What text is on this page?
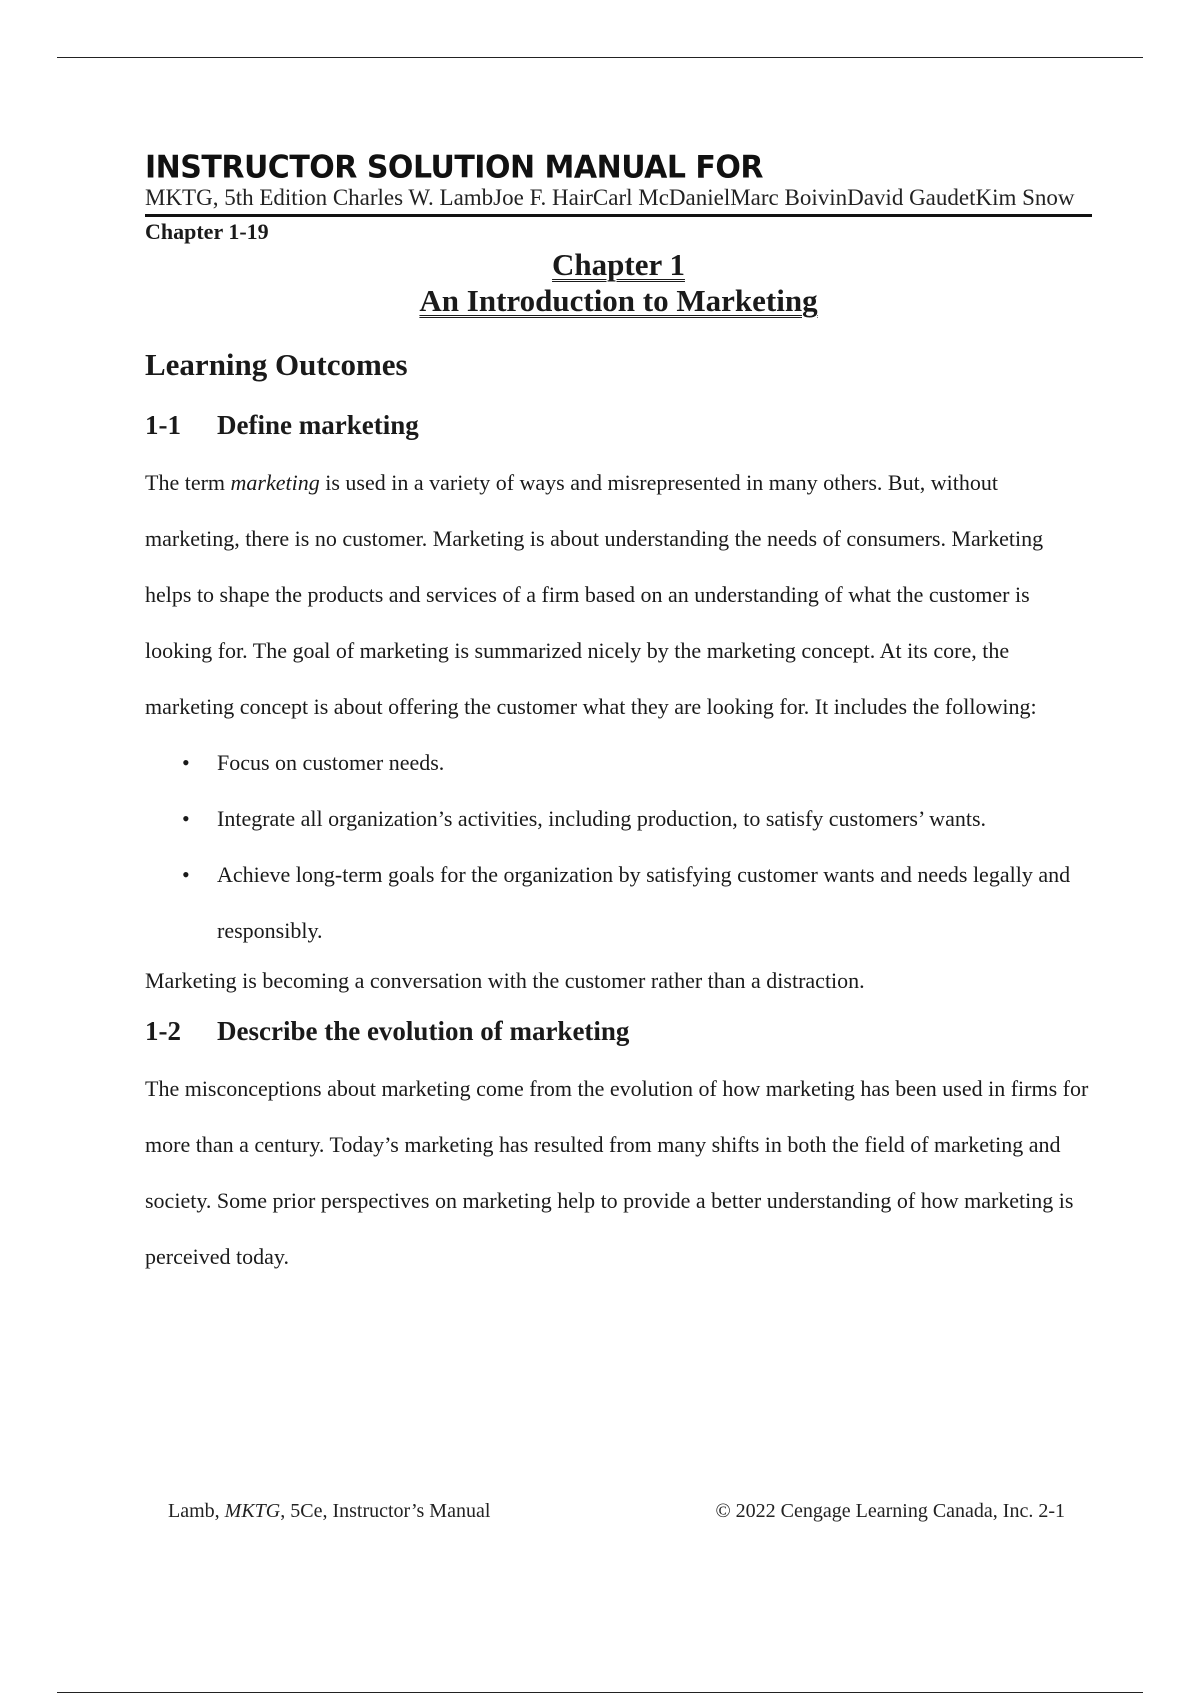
INSTRUCTOR SOLUTION MANUAL FOR

MKTG, 5th Edition Charles W. LambJoe F. HairCarl McDanielMarc BoivinDavid GaudetKim Snow

Chapter 1-19

Chapter 1
An Introduction to Marketing
Learning Outcomes
1-1	Define marketing

The term marketing is used in a variety of ways and misrepresented in many others. But, without marketing, there is no customer. Marketing is about understanding the needs of consumers. Marketing helps to shape the products and services of a firm based on an understanding of what the customer is looking for. The goal of marketing is summarized nicely by the marketing concept. At its core, the marketing concept is about offering the customer what they are looking for. It includes the following:

• Focus on customer needs.
• Integrate all organization’s activities, including production, to satisfy customers’ wants.
• Achieve long-term goals for the organization by satisfying customer wants and needs legally and responsibly.

Marketing is becoming a conversation with the customer rather than a distraction.

1-2	Describe the evolution of marketing

The misconceptions about marketing come from the evolution of how marketing has been used in firms for more than a century. Today’s marketing has resulted from many shifts in both the field of marketing and society. Some prior perspectives on marketing help to provide a better understanding of how marketing is perceived today.

Lamb, MKTG, 5Ce, Instructor’s Manual	© 2022 Cengage Learning Canada, Inc. 2-1
